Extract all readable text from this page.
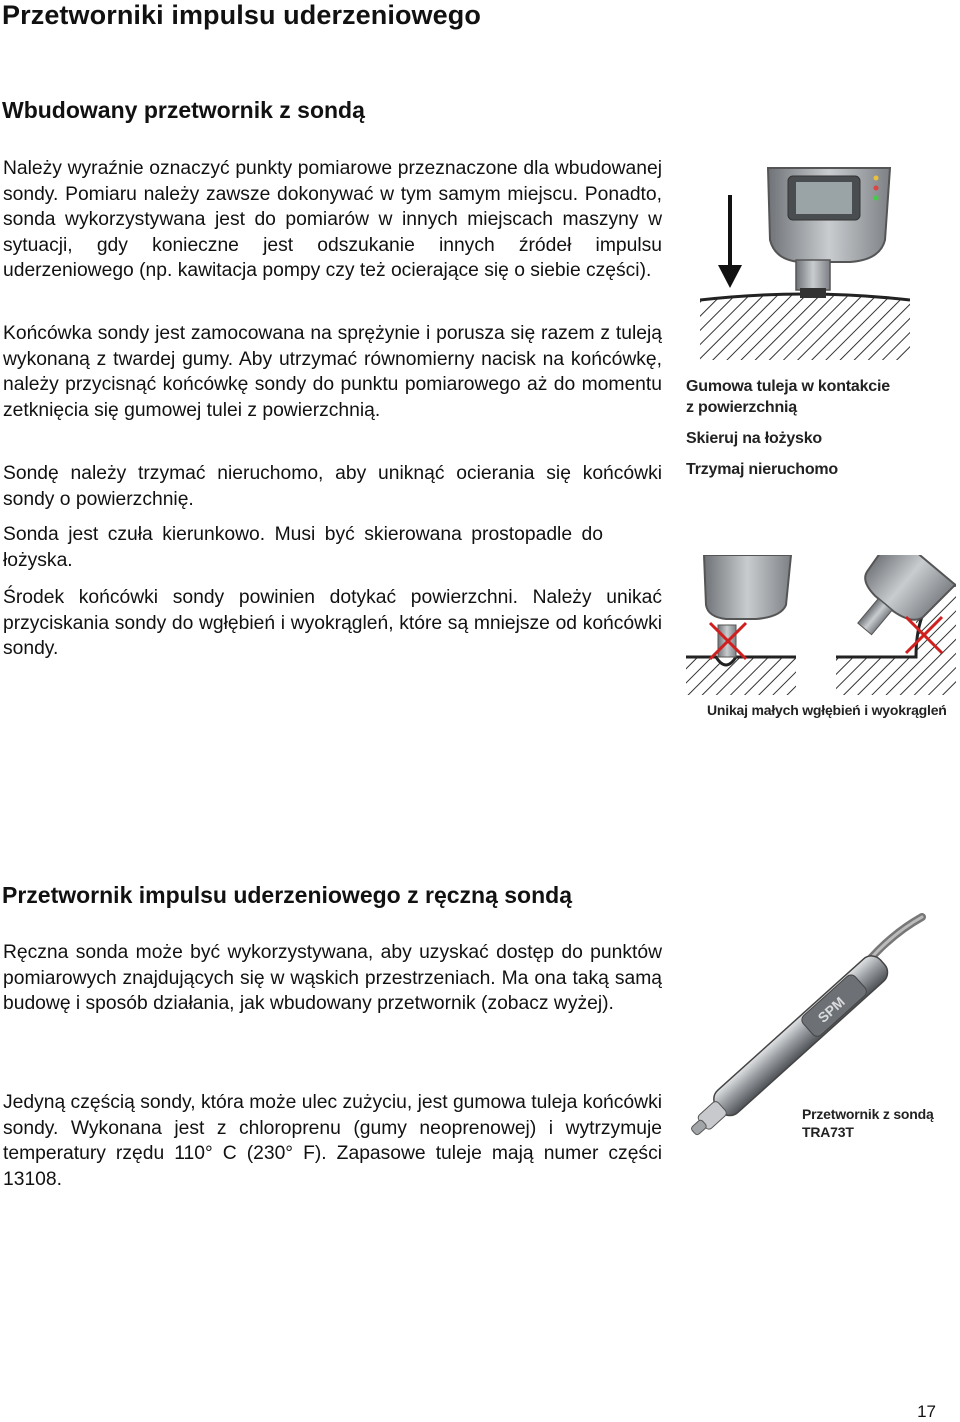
Przetworniki impulsu uderzeniowego
Wbudowany przetwornik z sondą

Należy wyraźnie oznaczyć punkty pomiarowe przeznaczone dla wbudowanej sondy. Pomiaru należy zawsze dokonywać w tym samym miejscu. Ponadto, sonda wykorzystywana jest do pomiarów w innych miejscach maszyny w sytuacji, gdy konieczne jest odszukanie innych źródeł impulsu uderzeniowego (np. kawitacja pompy czy też ocierające się o siebie części).

Końcówka sondy jest zamocowana na sprężynie i porusza się razem z tuleją wykonaną z twardej gumy. Aby utrzymać równomierny nacisk na końcówkę, należy przycisnąć końcówkę sondy do punktu pomiarowego aż do momentu zetknięcia się gumowej tulei z powierzchnią.

Sondę należy trzymać nieruchomo, aby uniknąć ocierania się końcówki sondy o powierzchnię.

Sonda jest czuła kierunkowo. Musi być skierowana prostopadle do łożyska.

Środek końcówki sondy powinien dotykać powierzchni. Należy unikać przyciskania sondy do wgłębień i wyokrągleń, które są mniejsze od końcówki sondy.

Gumowa tuleja w kontakcie
z powierzchnią
Skieruj na łożysko
Trzymaj nieruchomo
Unikaj małych wgłębień i wyokrągleń
Przetwornik impulsu uderzeniowego z ręczną sondą

Ręczna sonda może być wykorzystywana, aby uzyskać dostęp do punktów pomiarowych znajdujących się w wąskich przestrzeniach. Ma ona taką samą budowę i sposób działania, jak wbudowany przetwornik (zobacz wyżej).

Jedyną częścią sondy, która może ulec zużyciu, jest gumowa tuleja końcówki sondy. Wykonana jest z chloroprenu (gumy neoprenowej) i wytrzymuje temperatury rzędu 110° C (230° F). Zapasowe tuleje mają numer części 13108.

SPM
Przetwornik z sondą
TRA73T
17
